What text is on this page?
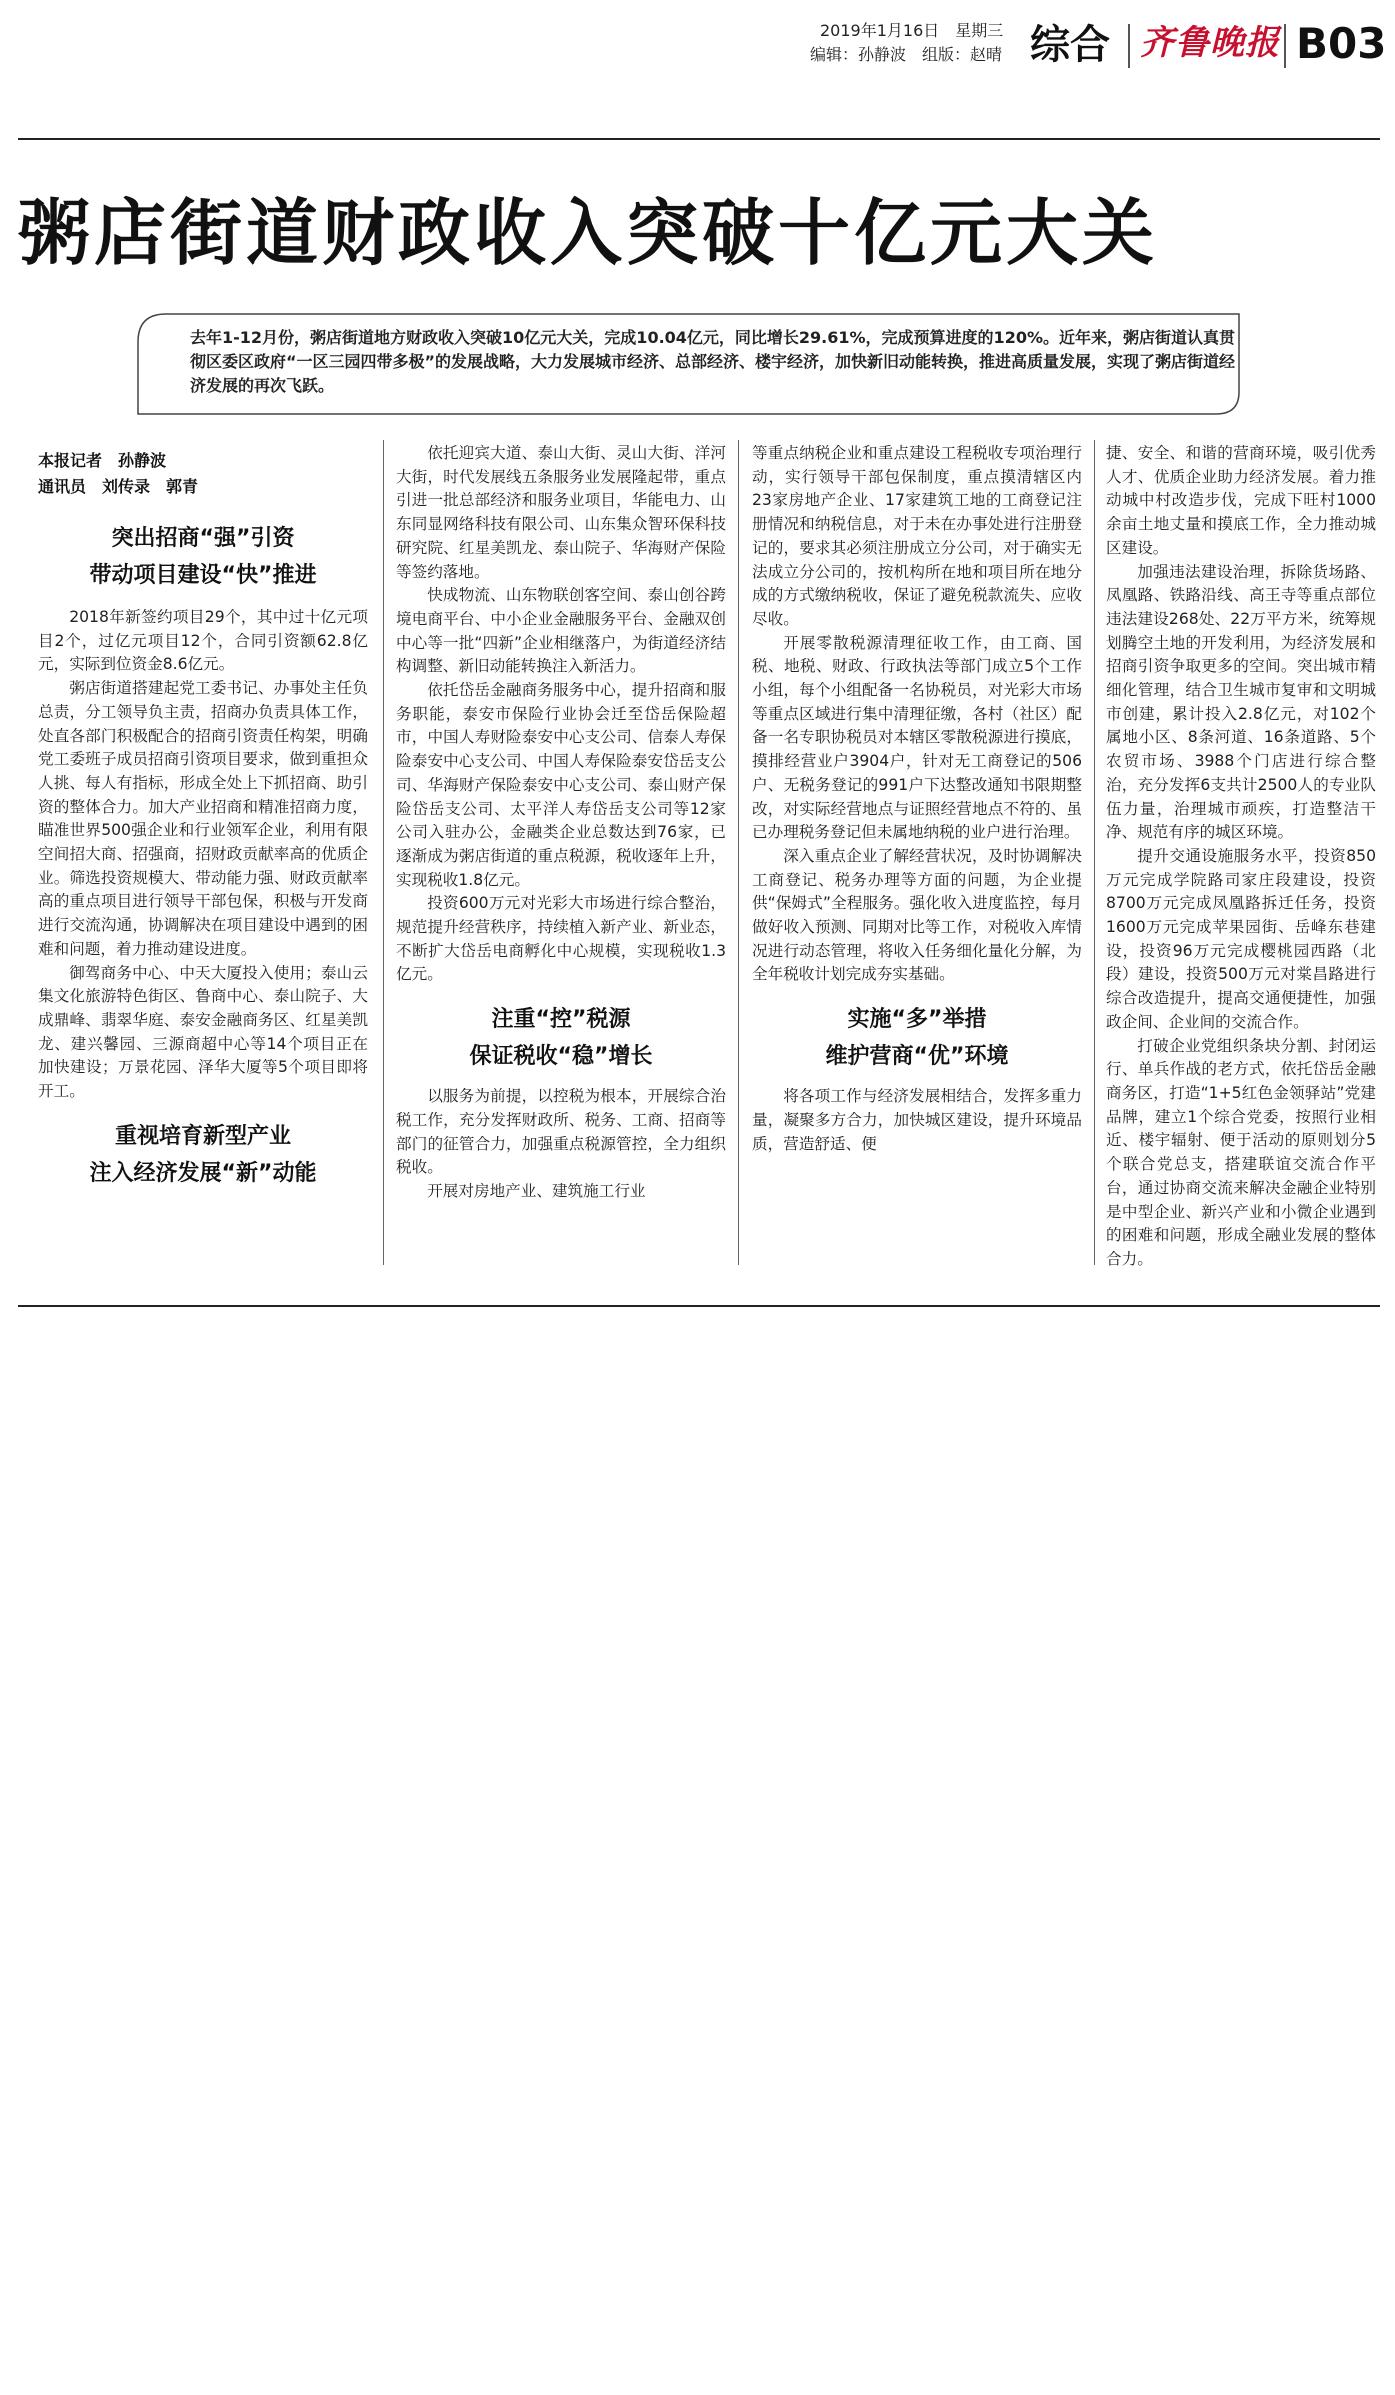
2019年1月16日　星期三
编辑：孙静波　组版：赵晴 综合 齐鲁晚报 B03
粥店街道财政收入突破十亿元大关
去年1-12月份，粥店街道地方财政收入突破10亿元大关，完成10.04亿元，同比增长29.61%，完成预算进度的120%。近年来，粥店街道认真贯彻区委区政府“一区三园四带多极”的发展战略，大力发展城市经济、总部经济、楼宇经济，加快新旧动能转换，推进高质量发展，实现了粥店街道经济发展的再次飞跃。
本报记者　孙静波
通讯员　刘传录　郭青
突出招商“强”引资
带动项目建设“快”推进

2018年新签约项目29个，其中过十亿元项目2个，过亿元项目12个，合同引资额62.8亿元，实际到位资金8.6亿元。

粥店街道搭建起党工委书记、办事处主任负总责，分工领导负主责，招商办负责具体工作，处直各部门积极配合的招商引资责任构架，明确党工委班子成员招商引资项目要求，做到重担众人挑、每人有指标，形成全处上下抓招商、助引资的整体合力。加大产业招商和精准招商力度，瞄准世界500强企业和行业领军企业，利用有限空间招大商、招强商，招财政贡献率高的优质企业。筛选投资规模大、带动能力强、财政贡献率高的重点项目进行领导干部包保，积极与开发商进行交流沟通，协调解决在项目建设中遇到的困难和问题，着力推动建设进度。

御驾商务中心、中天大厦投入使用；泰山云集文化旅游特色街区、鲁商中心、泰山院子、大成鼎峰、翡翠华庭、泰安金融商务区、红星美凯龙、建兴馨园、三源商超中心等14个项目正在加快建设；万景花园、泽华大厦等5个项目即将开工。

重视培育新型产业
注入经济发展“新”动能

依托迎宾大道、泰山大街、灵山大街、洋河大街，时代发展线五条服务业发展隆起带，重点引进一批总部经济和服务业项目，华能电力、山东同显网络科技有限公司、山东集众智环保科技研究院、红星美凯龙、泰山院子、华海财产保险等签约落地。

快成物流、山东物联创客空间、泰山创谷跨境电商平台、中小企业金融服务平台、金融双创中心等一批“四新”企业相继落户，为街道经济结构调整、新旧动能转换注入新活力。

依托岱岳金融商务服务中心，提升招商和服务职能，泰安市保险行业协会迁至岱岳保险超市，中国人寿财险泰安中心支公司、信泰人寿保险泰安中心支公司、中国人寿保险泰安岱岳支公司、华海财产保险泰安中心支公司、泰山财产保险岱岳支公司、太平洋人寿岱岳支公司等12家公司入驻办公，金融类企业总数达到76家，已逐渐成为粥店街道的重点税源，税收逐年上升，实现税收1.8亿元。

投资600万元对光彩大市场进行综合整治，规范提升经营秩序，持续植入新产业、新业态，不断扩大岱岳电商孵化中心规模，实现税收1.3亿元。

注重“控”税源
保证税收“稳”增长

以服务为前提，以控税为根本，开展综合治税工作，充分发挥财政所、税务、工商、招商等部门的征管合力，加强重点税源管控，全力组织税收。

开展对房地产业、建筑施工行业

等重点纳税企业和重点建设工程税收专项治理行动，实行领导干部包保制度，重点摸清辖区内23家房地产企业、17家建筑工地的工商登记注册情况和纳税信息，对于未在办事处进行注册登记的，要求其必须注册成立分公司，对于确实无法成立分公司的，按机构所在地和项目所在地分成的方式缴纳税收，保证了避免税款流失、应收尽收。

开展零散税源清理征收工作，由工商、国税、地税、财政、行政执法等部门成立5个工作小组，每个小组配备一名协税员，对光彩大市场等重点区域进行集中清理征缴，各村（社区）配备一名专职协税员对本辖区零散税源进行摸底，摸排经营业户3904户，针对无工商登记的506户、无税务登记的991户下达整改通知书限期整改，对实际经营地点与证照经营地点不符的、虽已办理税务登记但未属地纳税的业户进行治理。

深入重点企业了解经营状况，及时协调解决工商登记、税务办理等方面的问题，为企业提供“保姆式”全程服务。强化收入进度监控，每月做好收入预测、同期对比等工作，对税收入库情况进行动态管理，将收入任务细化量化分解，为全年税收计划完成夯实基础。

实施“多”举措
维护营商“优”环境

将各项工作与经济发展相结合，发挥多重力量，凝聚多方合力，加快城区建设，提升环境品质，营造舒适、便

捷、安全、和谐的营商环境，吸引优秀人才、优质企业助力经济发展。着力推动城中村改造步伐，完成下旺村1000余亩土地丈量和摸底工作，全力推动城区建设。

加强违法建设治理，拆除货场路、凤凰路、铁路沿线、高王寺等重点部位违法建设268处、22万平方米，统筹规划腾空土地的开发利用，为经济发展和招商引资争取更多的空间。突出城市精细化管理，结合卫生城市复审和文明城市创建，累计投入2.8亿元，对102个属地小区、8条河道、16条道路、5个农贸市场、3988个门店进行综合整治，充分发挥6支共计2500人的专业队伍力量，治理城市顽疾，打造整洁干净、规范有序的城区环境。

提升交通设施服务水平，投资850万元完成学院路司家庄段建设，投资8700万元完成凤凰路拆迁任务，投资1600万元完成苹果园街、岳峰东巷建设，投资96万元完成樱桃园西路（北段）建设，投资500万元对棠昌路进行综合改造提升，提高交通便捷性，加强政企间、企业间的交流合作。

打破企业党组织条块分割、封闭运行、单兵作战的老方式，依托岱岳金融商务区，打造“1+5红色金领驿站”党建品牌，建立1个综合党委，按照行业相近、楼宇辐射、便于活动的原则划分5个联合党总支，搭建联谊交流合作平台，通过协商交流来解决金融企业特别是中型企业、新兴产业和小微企业遇到的困难和问题，形成全融业发展的整体合力。
